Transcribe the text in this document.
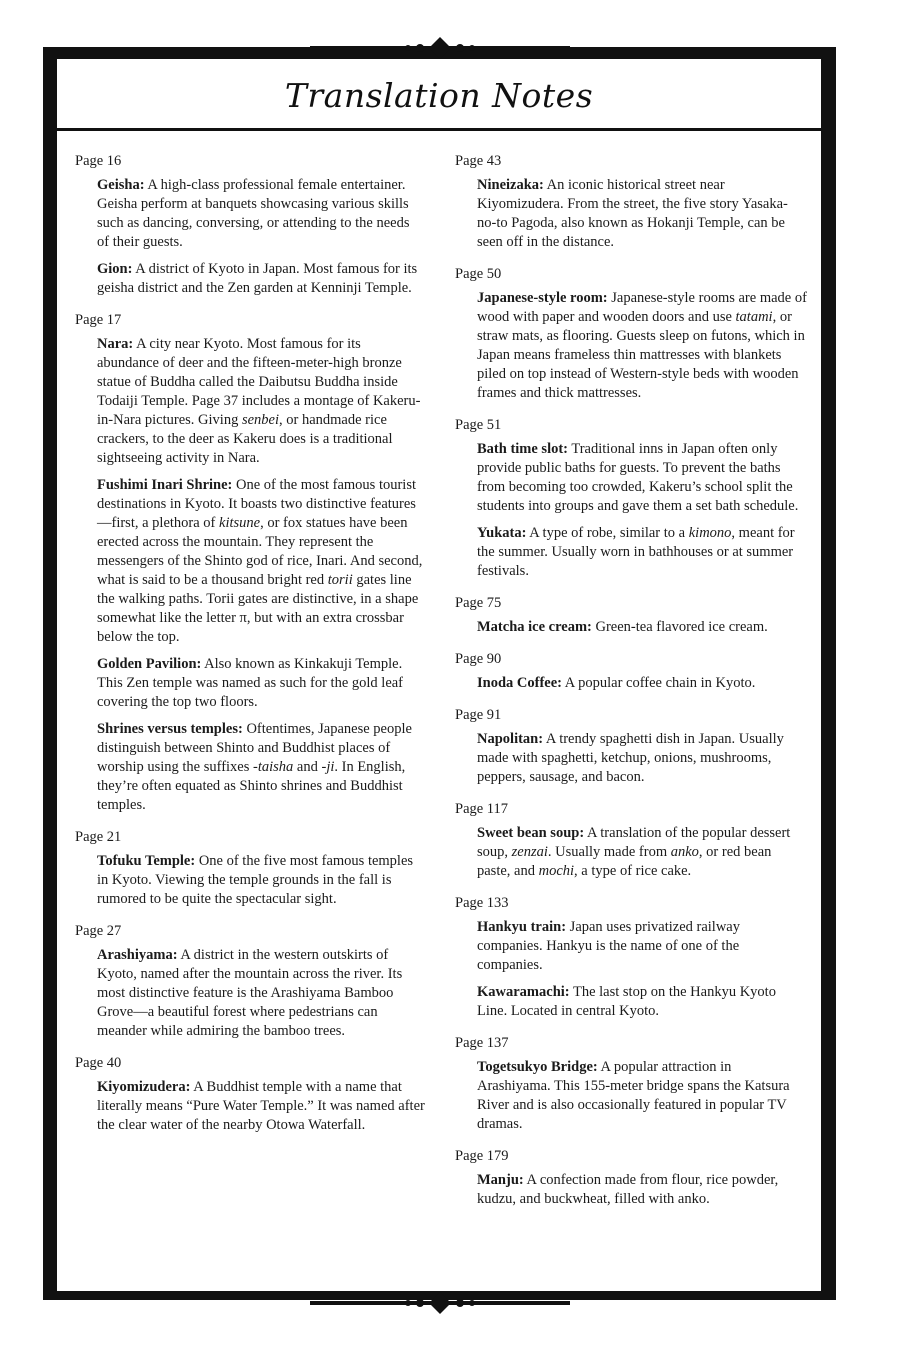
Translation Notes
Page 16
Geisha: A high-class professional female entertainer. Geisha perform at banquets showcasing various skills such as dancing, conversing, or attending to the needs of their guests.
Gion: A district of Kyoto in Japan. Most famous for its geisha district and the Zen garden at Kenninji Temple.
Page 17
Nara: A city near Kyoto. Most famous for its abundance of deer and the fifteen-meter-high bronze statue of Buddha called the Daibutsu Buddha inside Todaiji Temple. Page 37 includes a montage of Kakeru-in-Nara pictures. Giving senbei, or handmade rice crackers, to the deer as Kakeru does is a traditional sightseeing activity in Nara.
Fushimi Inari Shrine: One of the most famous tourist destinations in Kyoto. It boasts two distinctive features—first, a plethora of kitsune, or fox statues have been erected across the mountain. They represent the messengers of the Shinto god of rice, Inari. And second, what is said to be a thousand bright red torii gates line the walking paths. Torii gates are distinctive, in a shape somewhat like the letter π, but with an extra crossbar below the top.
Golden Pavilion: Also known as Kinkakuji Temple. This Zen temple was named as such for the gold leaf covering the top two floors.
Shrines versus temples: Oftentimes, Japanese people distinguish between Shinto and Buddhist places of worship using the suffixes -taisha and -ji. In English, they’re often equated as Shinto shrines and Buddhist temples.
Page 21
Tofuku Temple: One of the five most famous temples in Kyoto. Viewing the temple grounds in the fall is rumored to be quite the spectacular sight.
Page 27
Arashiyama: A district in the western outskirts of Kyoto, named after the mountain across the river. Its most distinctive feature is the Arashiyama Bamboo Grove—a beautiful forest where pedestrians can meander while admiring the bamboo trees.
Page 40
Kiyomizudera: A Buddhist temple with a name that literally means “Pure Water Temple.” It was named after the clear water of the nearby Otowa Waterfall.
Page 43
Nineizaka: An iconic historical street near Kiyomizudera. From the street, the five story Yasaka-no-to Pagoda, also known as Hokanji Temple, can be seen off in the distance.
Page 50
Japanese-style room: Japanese-style rooms are made of wood with paper and wooden doors and use tatami, or straw mats, as flooring. Guests sleep on futons, which in Japan means frameless thin mattresses with blankets piled on top instead of Western-style beds with wooden frames and thick mattresses.
Page 51
Bath time slot: Traditional inns in Japan often only provide public baths for guests. To prevent the baths from becoming too crowded, Kakeru’s school split the students into groups and gave them a set bath schedule.
Yukata: A type of robe, similar to a kimono, meant for the summer. Usually worn in bathhouses or at summer festivals.
Page 75
Matcha ice cream: Green-tea flavored ice cream.
Page 90
Inoda Coffee: A popular coffee chain in Kyoto.
Page 91
Napolitan: A trendy spaghetti dish in Japan. Usually made with spaghetti, ketchup, onions, mushrooms, peppers, sausage, and bacon.
Page 117
Sweet bean soup: A translation of the popular dessert soup, zenzai. Usually made from anko, or red bean paste, and mochi, a type of rice cake.
Page 133
Hankyu train: Japan uses privatized railway companies. Hankyu is the name of one of the companies.
Kawaramachi: The last stop on the Hankyu Kyoto Line. Located in central Kyoto.
Page 137
Togetsukyo Bridge: A popular attraction in Arashiyama. This 155-meter bridge spans the Katsura River and is also occasionally featured in popular TV dramas.
Page 179
Manju: A confection made from flour, rice powder, kudzu, and buckwheat, filled with anko.
